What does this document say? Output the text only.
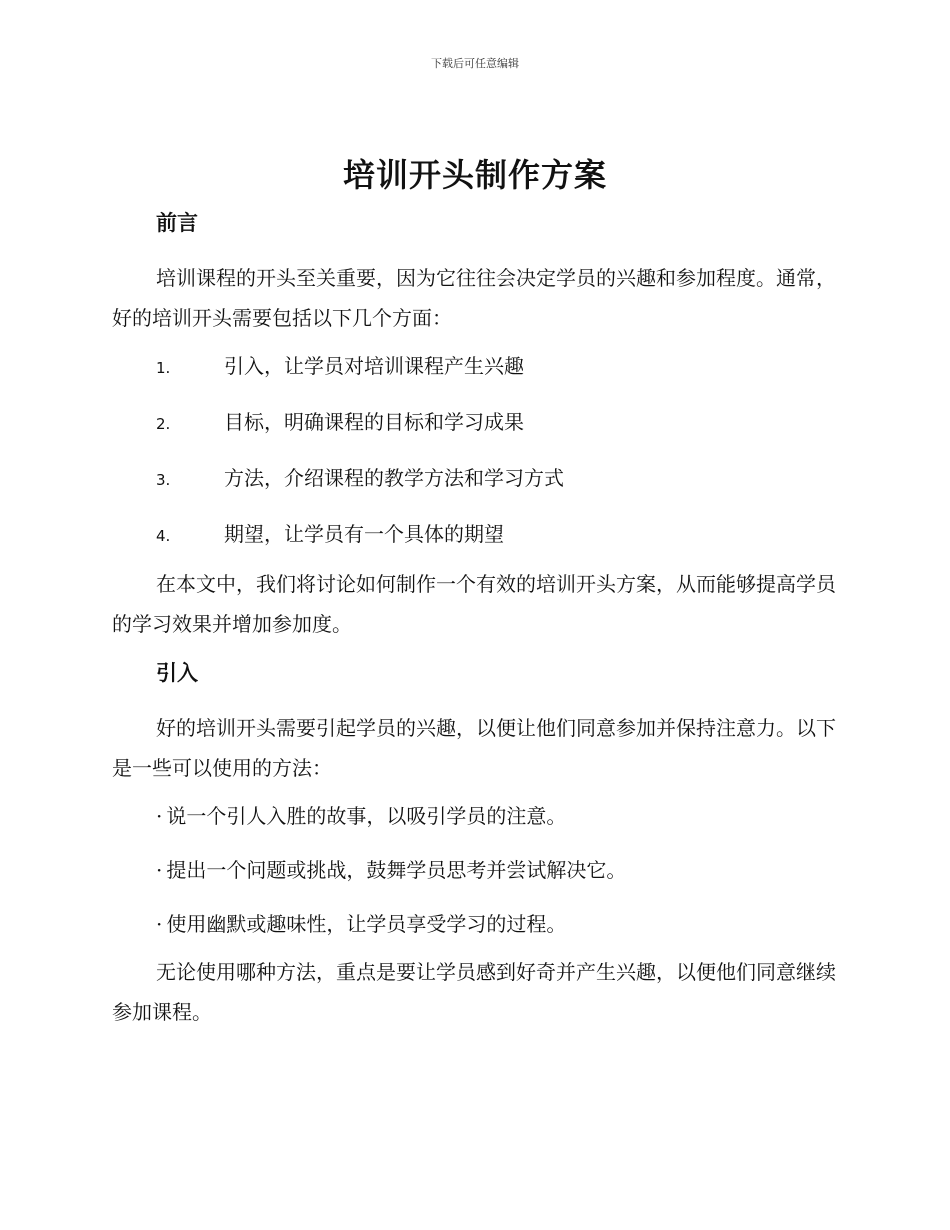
下载后可任意编辑
培训开头制作方案
前言

培训课程的开头至关重要，因为它往往会决定学员的兴趣和参加程度。通常，好的培训开头需要包括以下几个方面：

1.	引入，让学员对培训课程产生兴趣
2.	目标，明确课程的目标和学习成果
3.	方法，介绍课程的教学方法和学习方式
4.	期望，让学员有一个具体的期望

在本文中，我们将讨论如何制作一个有效的培训开头方案，从而能够提高学员的学习效果并增加参加度。

引入

好的培训开头需要引起学员的兴趣，以便让他们同意参加并保持注意力。以下是一些可以使用的方法：

· 说一个引人入胜的故事，以吸引学员的注意。
· 提出一个问题或挑战，鼓舞学员思考并尝试解决它。
· 使用幽默或趣味性，让学员享受学习的过程。

无论使用哪种方法，重点是要让学员感到好奇并产生兴趣，以便他们同意继续参加课程。
